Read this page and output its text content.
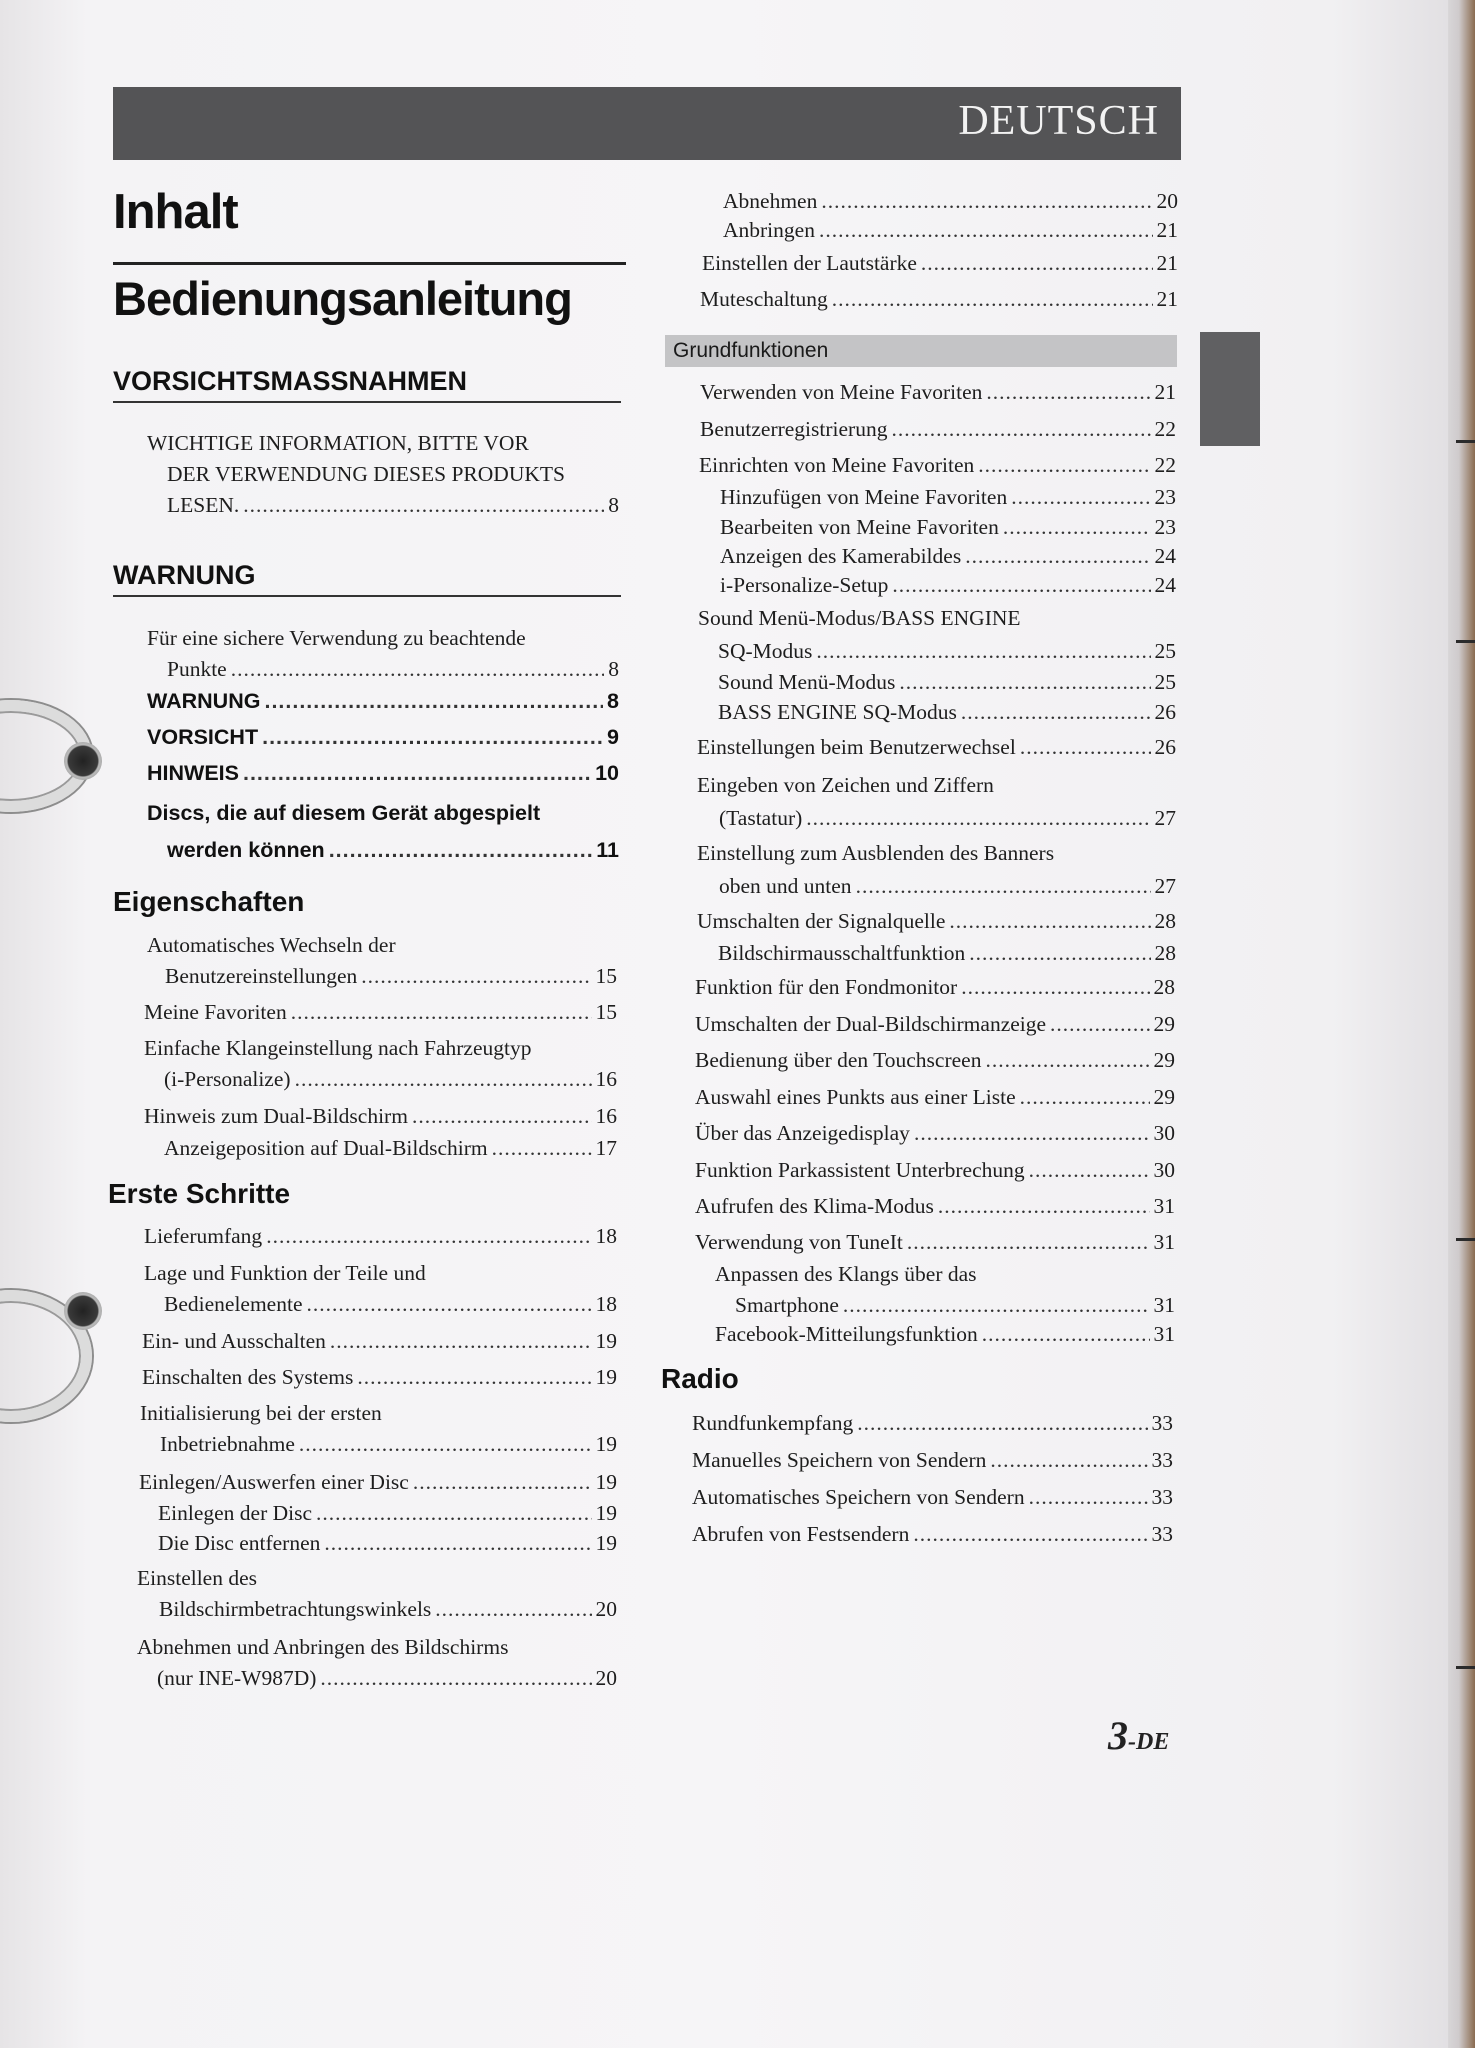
DEUTSCH
Inhalt
Bedienungsanleitung
VORSICHTSMASSNAHMEN
WICHTIGE INFORMATION, BITTE VOR
DER VERWENDUNG DIESES PRODUKTS
LESEN. .....	8
WARNUNG
Für eine sichere Verwendung zu beachtende
Punkte .....	8
WARNUNG .....	8
VORSICHT .....	9
HINWEIS .....	10
Discs, die auf diesem Gerät abgespielt
werden können .....	11
Eigenschaften
Automatisches Wechseln der
Benutzereinstellungen .....	15
Meine Favoriten .....	15
Einfache Klangeinstellung nach Fahrzeugtyp
(i-Personalize) .....	16
Hinweis zum Dual-Bildschirm .....	16
Anzeigeposition auf Dual-Bildschirm .....	17
Erste Schritte
Lieferumfang .....	18
Lage und Funktion der Teile und
Bedienelemente .....	18
Ein- und Ausschalten .....	19
Einschalten des Systems .....	19
Initialisierung bei der ersten
Inbetriebnahme .....	19
Einlegen/Auswerfen einer Disc .....	19
Einlegen der Disc .....	19
Die Disc entfernen .....	19
Einstellen des
Bildschirmbetrachtungswinkels .....	20
Abnehmen und Anbringen des Bildschirms
(nur INE-W987D) .....	20
Abnehmen .....	20
Anbringen .....	21
Einstellen der Lautstärke .....	21
Muteschaltung .....	21
Grundfunktionen
Verwenden von Meine Favoriten .....	21
Benutzerregistrierung .....	22
Einrichten von Meine Favoriten .....	22
Hinzufügen von Meine Favoriten .....	23
Bearbeiten von Meine Favoriten .....	23
Anzeigen des Kamerabildes .....	24
i-Personalize-Setup .....	24
Sound Menü-Modus/BASS ENGINE
SQ-Modus .....	25
Sound Menü-Modus .....	25
BASS ENGINE SQ-Modus .....	26
Einstellungen beim Benutzerwechsel .....	26
Eingeben von Zeichen und Ziffern
(Tastatur) .....	27
Einstellung zum Ausblenden des Banners
oben und unten .....	27
Umschalten der Signalquelle .....	28
Bildschirmausschaltfunktion .....	28
Funktion für den Fondmonitor .....	28
Umschalten der Dual-Bildschirmanzeige .....	29
Bedienung über den Touchscreen .....	29
Auswahl eines Punkts aus einer Liste .....	29
Über das Anzeigedisplay .....	30
Funktion Parkassistent Unterbrechung .....	30
Aufrufen des Klima-Modus .....	31
Verwendung von TuneIt .....	31
Anpassen des Klangs über das
Smartphone .....	31
Facebook-Mitteilungsfunktion .....	31
Radio
Rundfunkempfang .....	33
Manuelles Speichern von Sendern .....	33
Automatisches Speichern von Sendern .....	33
Abrufen von Festsendern .....	33
3-DE
